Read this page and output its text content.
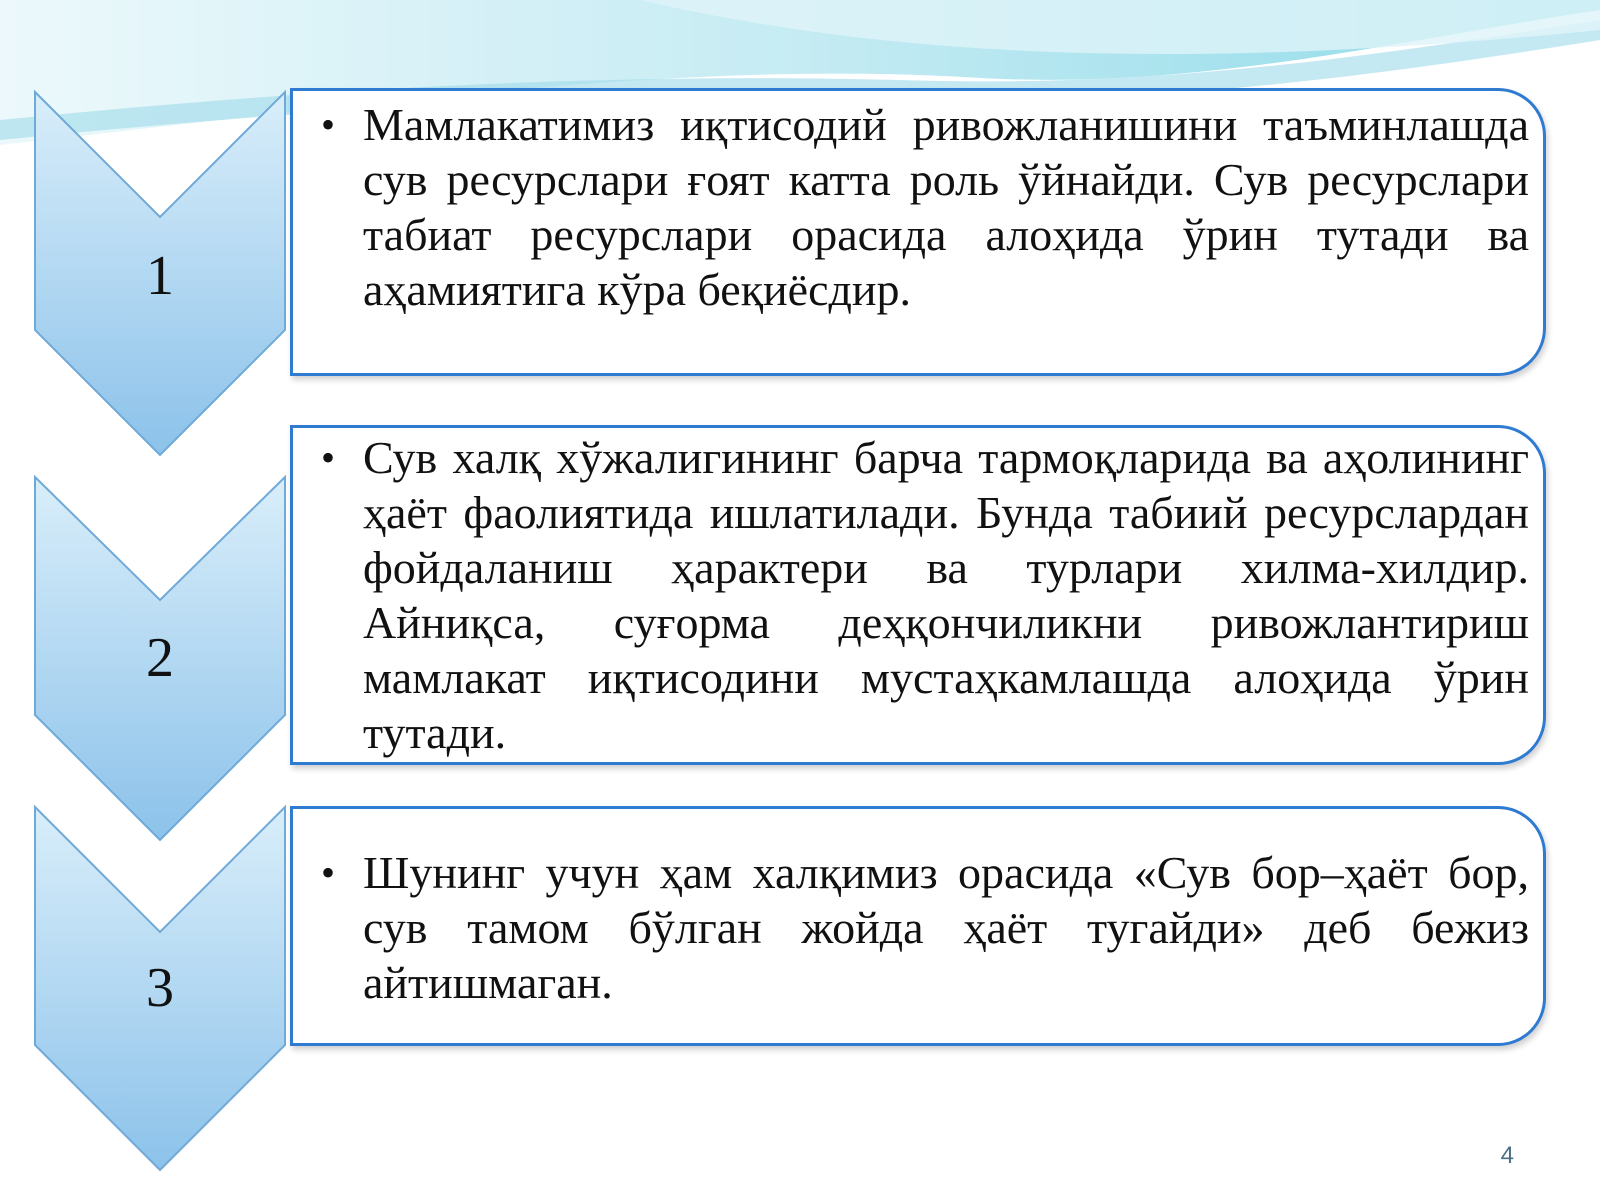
1
2
3
• Мамлакатимиз иқтисодий ривожланишини таъминлашда сув ресурслари ғоят катта роль ўйнайди. Сув ресурслари табиат ресурслари орасида алоҳида ўрин тутади ва аҳамиятига кўра беқиёсдир.
• Сув халқ хўжалигининг барча тармоқларида ва аҳолининг ҳаёт фаолиятида ишлатилади. Бунда табиий ресурслардан фойдаланиш ҳарактери ва турлари хилма-хилдир. Айниқса, суғорма деҳқончиликни ривожлантириш мамлакат иқтисодини мустаҳкамлашда алоҳида ўрин тутади.
• Шунинг учун ҳам халқимиз орасида «Сув бор–ҳаёт бор, сув тамом бўлган жойда ҳаёт тугайди» деб бежиз айтишмаган.
4
